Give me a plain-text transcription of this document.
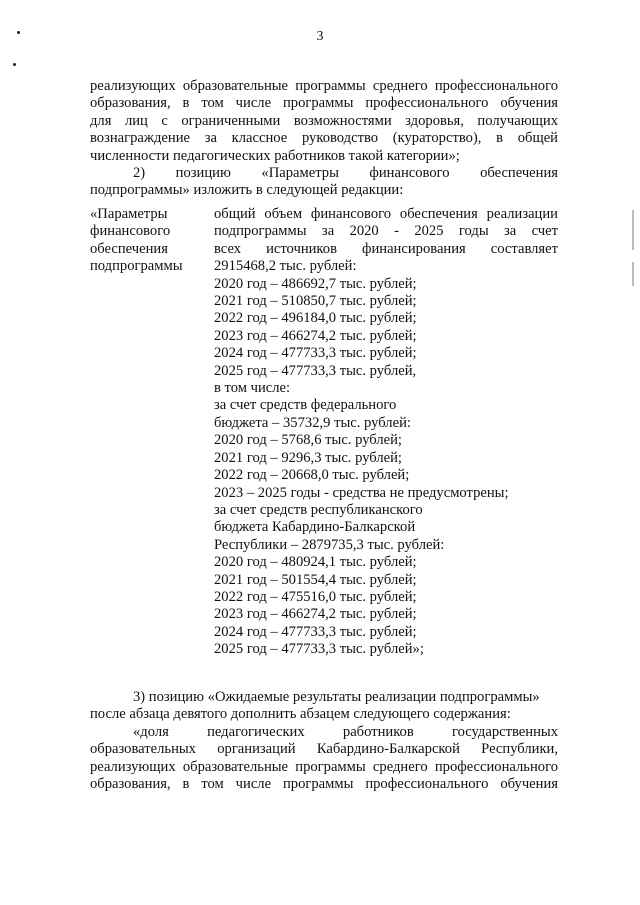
3
реализующих образовательные программы среднего профессионального
образования, в том числе программы профессионального обучения
для лиц с ограниченными возможностями здоровья, получающих
вознаграждение за классное руководство (кураторство), в общей
численности педагогических работников такой категории»;
2) позицию «Параметры финансового обеспечения
подпрограммы» изложить в следующей редакции:
«Параметры
финансового
обеспечения
подпрограммы
общий объем финансового обеспечения реализации
подпрограммы за 2020 - 2025 годы за счет
всех источников финансирования составляет
2915468,2 тыс. рублей:
2020 год – 486692,7 тыс. рублей;
2021 год – 510850,7 тыс. рублей;
2022 год – 496184,0 тыс. рублей;
2023 год – 466274,2 тыс. рублей;
2024 год – 477733,3 тыс. рублей;
2025 год – 477733,3 тыс. рублей,
в том числе:
за счет средств федерального
бюджета – 35732,9 тыс. рублей:
2020 год – 5768,6 тыс. рублей;
2021 год – 9296,3 тыс. рублей;
2022 год – 20668,0 тыс. рублей;
2023 – 2025 годы - средства не предусмотрены;
за счет средств республиканского
бюджета Кабардино-Балкарской
Республики – 2879735,3 тыс. рублей:
2020 год – 480924,1 тыс. рублей;
2021 год – 501554,4 тыс. рублей;
2022 год – 475516,0 тыс. рублей;
2023 год – 466274,2 тыс. рублей;
2024 год – 477733,3 тыс. рублей;
2025 год – 477733,3 тыс. рублей»;
3) позицию «Ожидаемые результаты реализации подпрограммы»
после абзаца девятого дополнить абзацем следующего содержания:
«доля педагогических работников государственных
образовательных организаций Кабардино-Балкарской Республики,
реализующих образовательные программы среднего профессионального
образования, в том числе программы профессионального обучения
